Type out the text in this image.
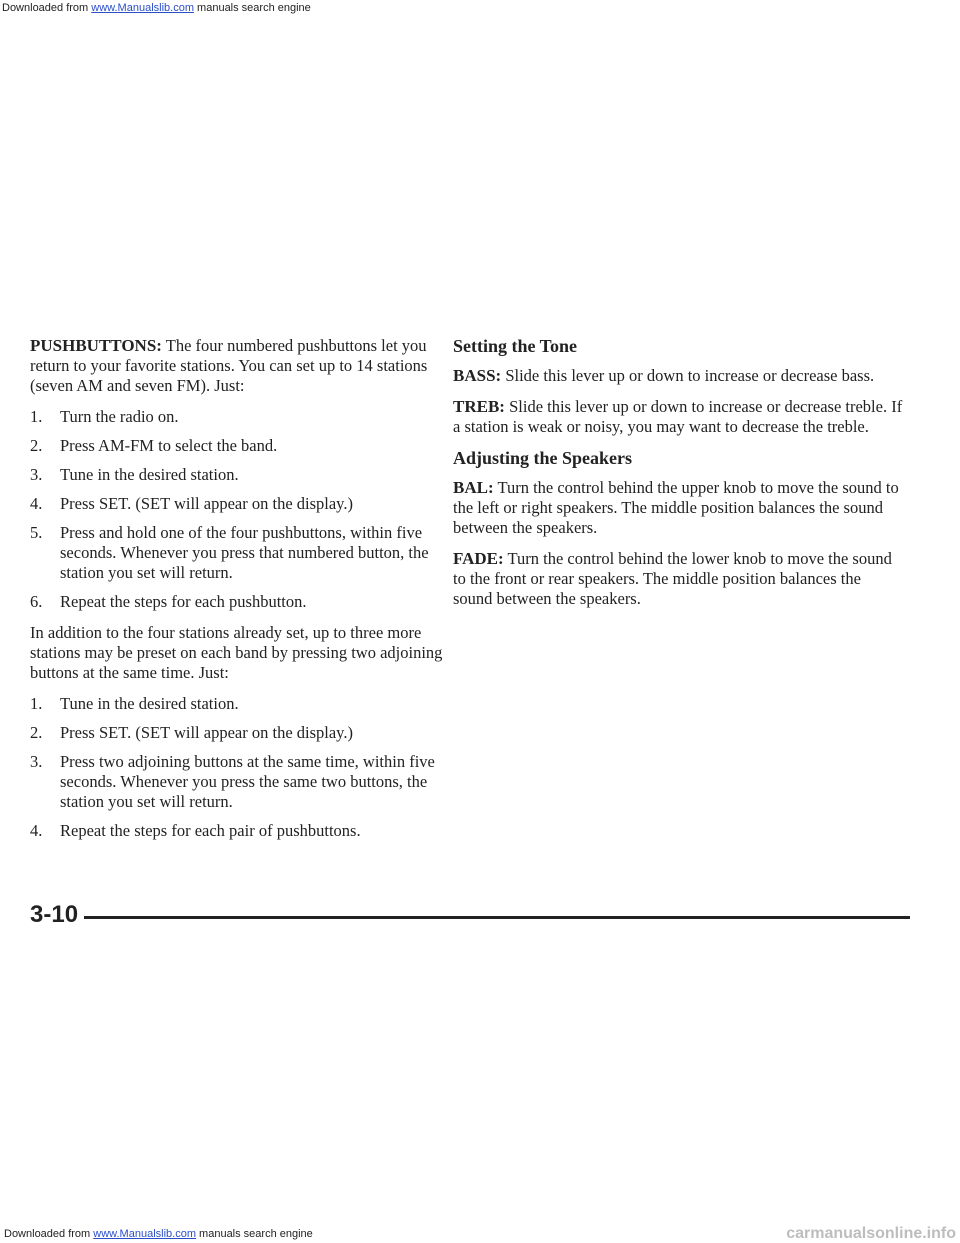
Downloaded from www.Manualslib.com manuals search engine

PUSHBUTTONS: The four numbered pushbuttons let you return to your favorite stations. You can set up to 14 stations (seven AM and seven FM). Just:

1. Turn the radio on.
2. Press AM-FM to select the band.
3. Tune in the desired station.
4. Press SET. (SET will appear on the display.)
5. Press and hold one of the four pushbuttons, within five seconds. Whenever you press that numbered button, the station you set will return.
6. Repeat the steps for each pushbutton.

In addition to the four stations already set, up to three more stations may be preset on each band by pressing two adjoining buttons at the same time. Just:

1. Tune in the desired station.
2. Press SET. (SET will appear on the display.)
3. Press two adjoining buttons at the same time, within five seconds. Whenever you press the same two buttons, the station you set will return.
4. Repeat the steps for each pair of pushbuttons.
Setting the Tone

BASS: Slide this lever up or down to increase or decrease bass.

TREB: Slide this lever up or down to increase or decrease treble. If a station is weak or noisy, you may want to decrease the treble.

Adjusting the Speakers

BAL: Turn the control behind the upper knob to move the sound to the left or right speakers. The middle position balances the sound between the speakers.

FADE: Turn the control behind the lower knob to move the sound to the front or rear speakers. The middle position balances the sound between the speakers.

3-10
Downloaded from www.Manualslib.com manuals search engine	carmanualsonline.info
